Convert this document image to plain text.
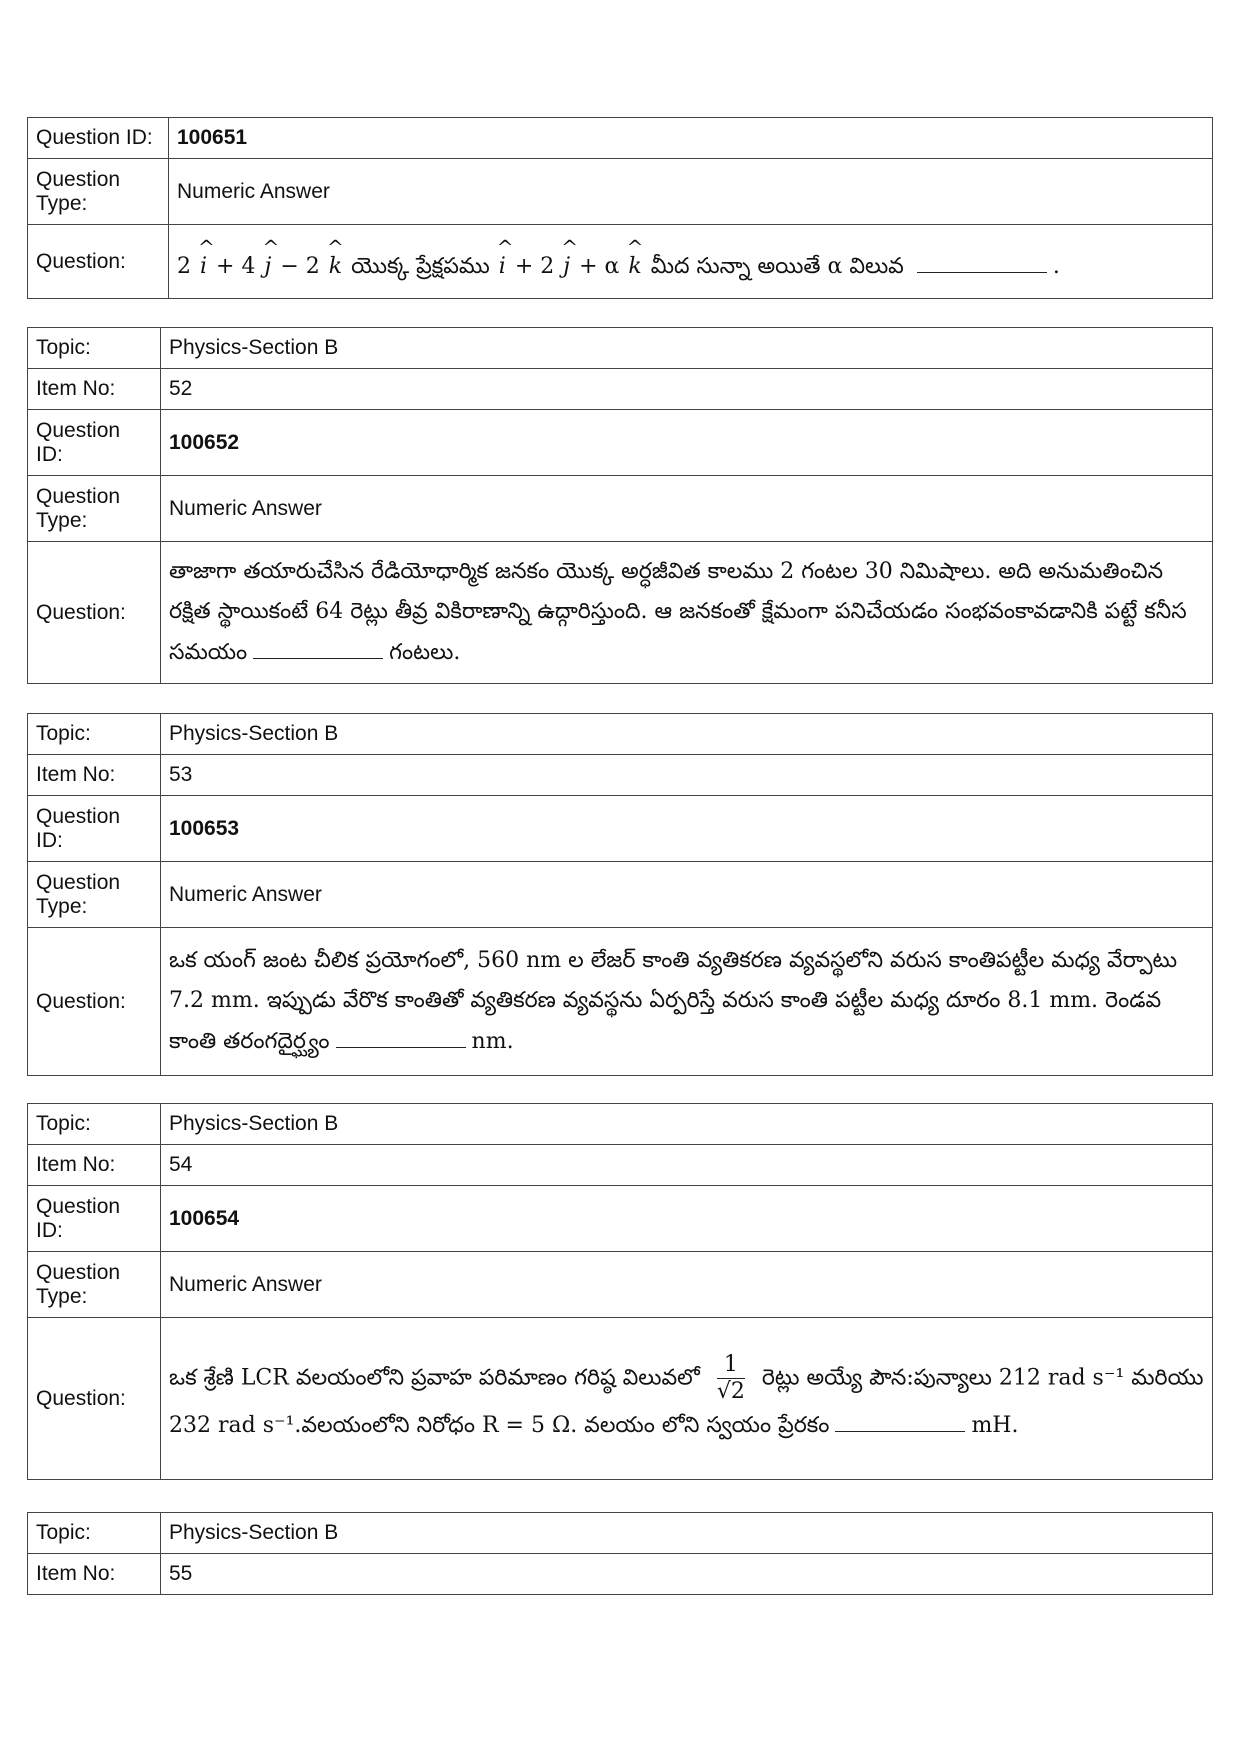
Question ID:	100651
Question Type:	Numeric Answer
Question:	2 ^ i + 4 ^ j − 2 ^ k యొక్క ప్రేక్షపము ^ i + 2 ^ j + α ^ k మీద సున్నా అయితే α విలువ .
Topic:	Physics-Section B
Item No:	52
Question ID:	100652
Question Type:	Numeric Answer
Question:	తాజాగా తయారుచేసిన రేడియోధార్మిక జనకం యొక్క అర్ధజీవిత కాలము 2 గంటల 30 నిమిషాలు. అది అనుమతించిన రక్షిత స్థాయికంటే 64 రెట్లు తీవ్ర వికిరాణాన్ని ఉద్గారిస్తుంది. ఆ జనకంతో క్షేమంగా పనిచేయడం సంభవంకావడానికి పట్టే కనీస సమయం గంటలు.
Topic:	Physics-Section B
Item No:	53
Question ID:	100653
Question Type:	Numeric Answer
Question:	ఒక యంగ్ జంట చీలిక ప్రయోగంలో, 560 nm ల లేజర్ కాంతి వ్యతికరణ వ్యవస్థలోని వరుస కాంతిపట్టీల మధ్య వేర్పాటు 7.2 mm. ఇప్పుడు వేరొక కాంతితో వ్యతికరణ వ్యవస్థను ఏర్పరిస్తే వరుస కాంతి పట్టీల మధ్య దూరం 8.1 mm. రెండవ కాంతి తరంగదైర్ఘ్యం nm.
Topic:	Physics-Section B
Item No:	54
Question ID:	100654
Question Type:	Numeric Answer
Question:	ఒక శ్రేణి LCR వలయంలోని ప్రవాహ పరిమాణం గరిష్ఠ విలువలో $\frac{1}{√2}$ రెట్లు అయ్యే పౌన:పున్యాలు 212 rad s⁻¹ మరియు 232 rad s⁻¹.వలయంలోని నిరోధం R = 5 Ω. వలయం లోని స్వయం ప్రేరకం mH.
Topic:	Physics-Section B
Item No:	55
